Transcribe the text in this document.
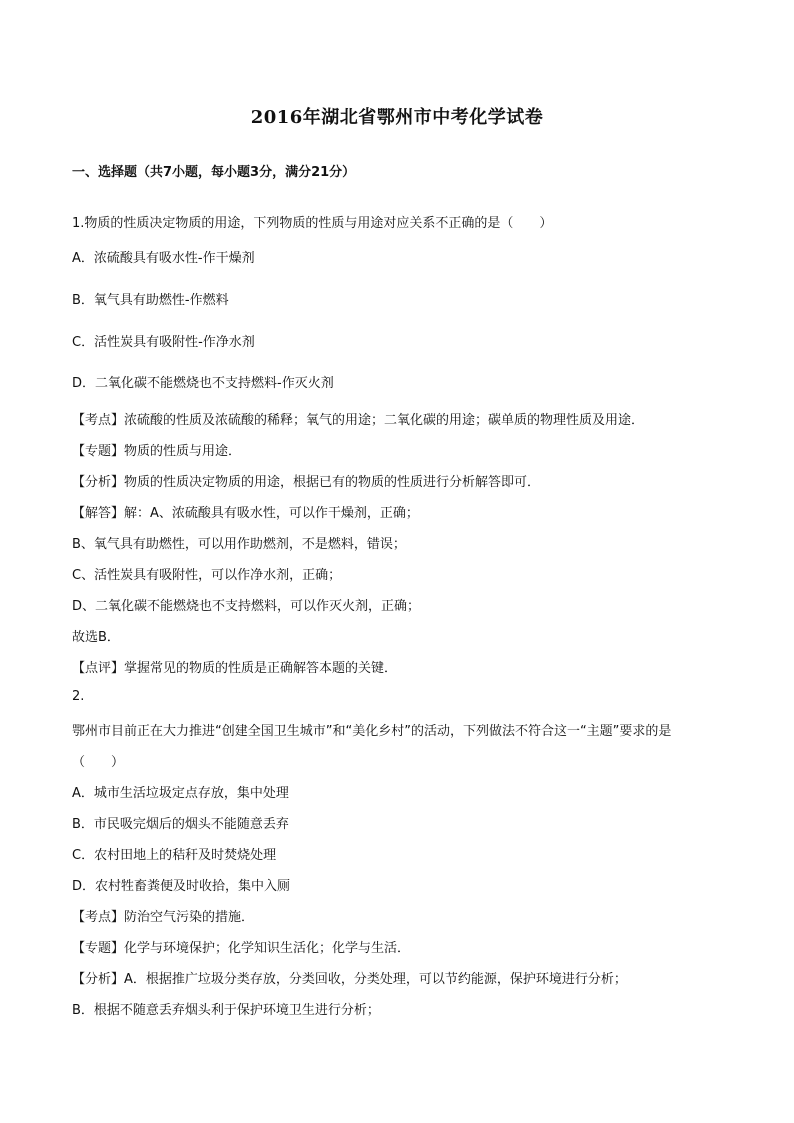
2016年湖北省鄂州市中考化学试卷
一、选择题（共7小题，每小题3分，满分21分）
1.物质的性质决定物质的用途，下列物质的性质与用途对应关系不正确的是（　　）
A．浓硫酸具有吸水性-作干燥剂
B．氧气具有助燃性-作燃料
C．活性炭具有吸附性-作净水剂
D．二氧化碳不能燃烧也不支持燃料-作灭火剂
【考点】浓硫酸的性质及浓硫酸的稀释；氧气的用途；二氧化碳的用途；碳单质的物理性质及用途．
【专题】物质的性质与用途．
【分析】物质的性质决定物质的用途，根据已有的物质的性质进行分析解答即可．
【解答】解：A、浓硫酸具有吸水性，可以作干燥剂，正确；
B、氧气具有助燃性，可以用作助燃剂，不是燃料，错误；
C、活性炭具有吸附性，可以作净水剂，正确；
D、二氧化碳不能燃烧也不支持燃料，可以作灭火剂，正确；
故选B．
【点评】掌握常见的物质的性质是正确解答本题的关键．
2.
鄂州市目前正在大力推进“创建全国卫生城市”和“美化乡村”的活动，下列做法不符合这一“主题”要求的是
（　　）
A．城市生活垃圾定点存放，集中处理
B．市民吸完烟后的烟头不能随意丢弃
C．农村田地上的秸秆及时焚烧处理
D．农村牲畜粪便及时收拾，集中入厕
【考点】防治空气污染的措施．
【专题】化学与环境保护；化学知识生活化；化学与生活．
【分析】A．根据推广垃圾分类存放，分类回收，分类处理，可以节约能源，保护环境进行分析；
B．根据不随意丢弃烟头利于保护环境卫生进行分析；
